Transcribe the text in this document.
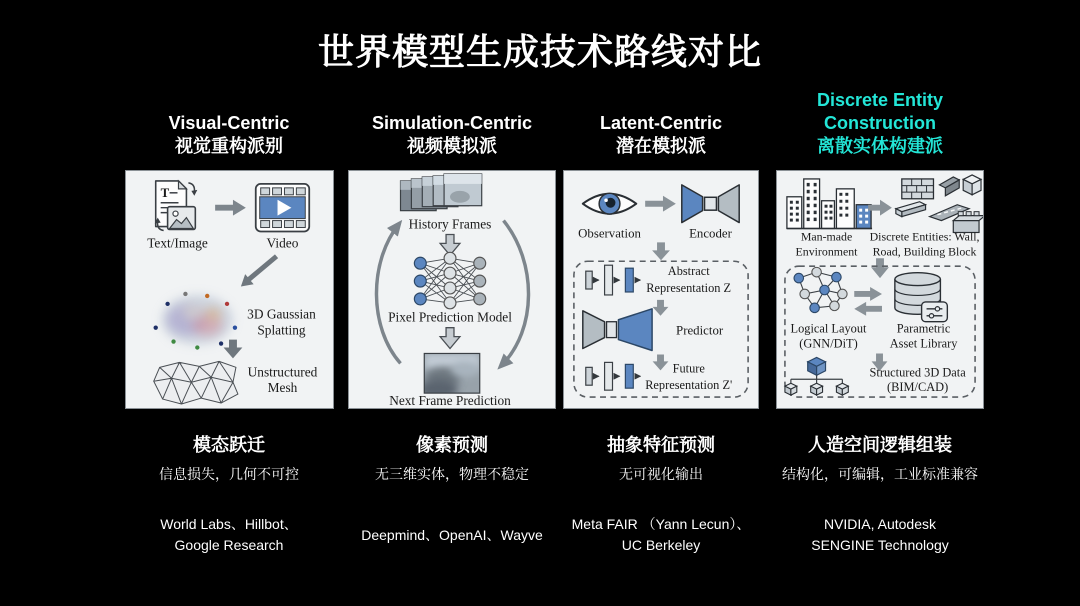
世界模型生成技术路线对比
Visual-Centric
视觉重构派别
T
Text/Image	Video
3D Gaussian
Splatting
Unstructured
Mesh
模态跃迁
信息损失，几何不可控
World Labs、Hillbot、
Google Research
Simulation-Centric
视频模拟派
History Frames
Pixel Prediction Model
Next Frame Prediction
像素预测
无三维实体，物理不稳定
Deepmind、OpenAI、Wayve
Latent-Centric
潜在模拟派
Observation	Encoder
Abstract
Representation Z
Predictor
Future
Representation Z'
抽象特征预测
无可视化输出
Meta FAIR （Yann Lecun）、
UC Berkeley
Discrete Entity
Construction
离散实体构建派
Man-made
Environment
Discrete Entities: Wall,
Road, Building Block
Logical Layout
(GNN/DiT)
Parametric
Asset Library
Structured 3D Data
(BIM/CAD)
人造空间逻辑组装
结构化，可编辑，工业标准兼容
NVIDIA, Autodesk
SENGINE Technology
